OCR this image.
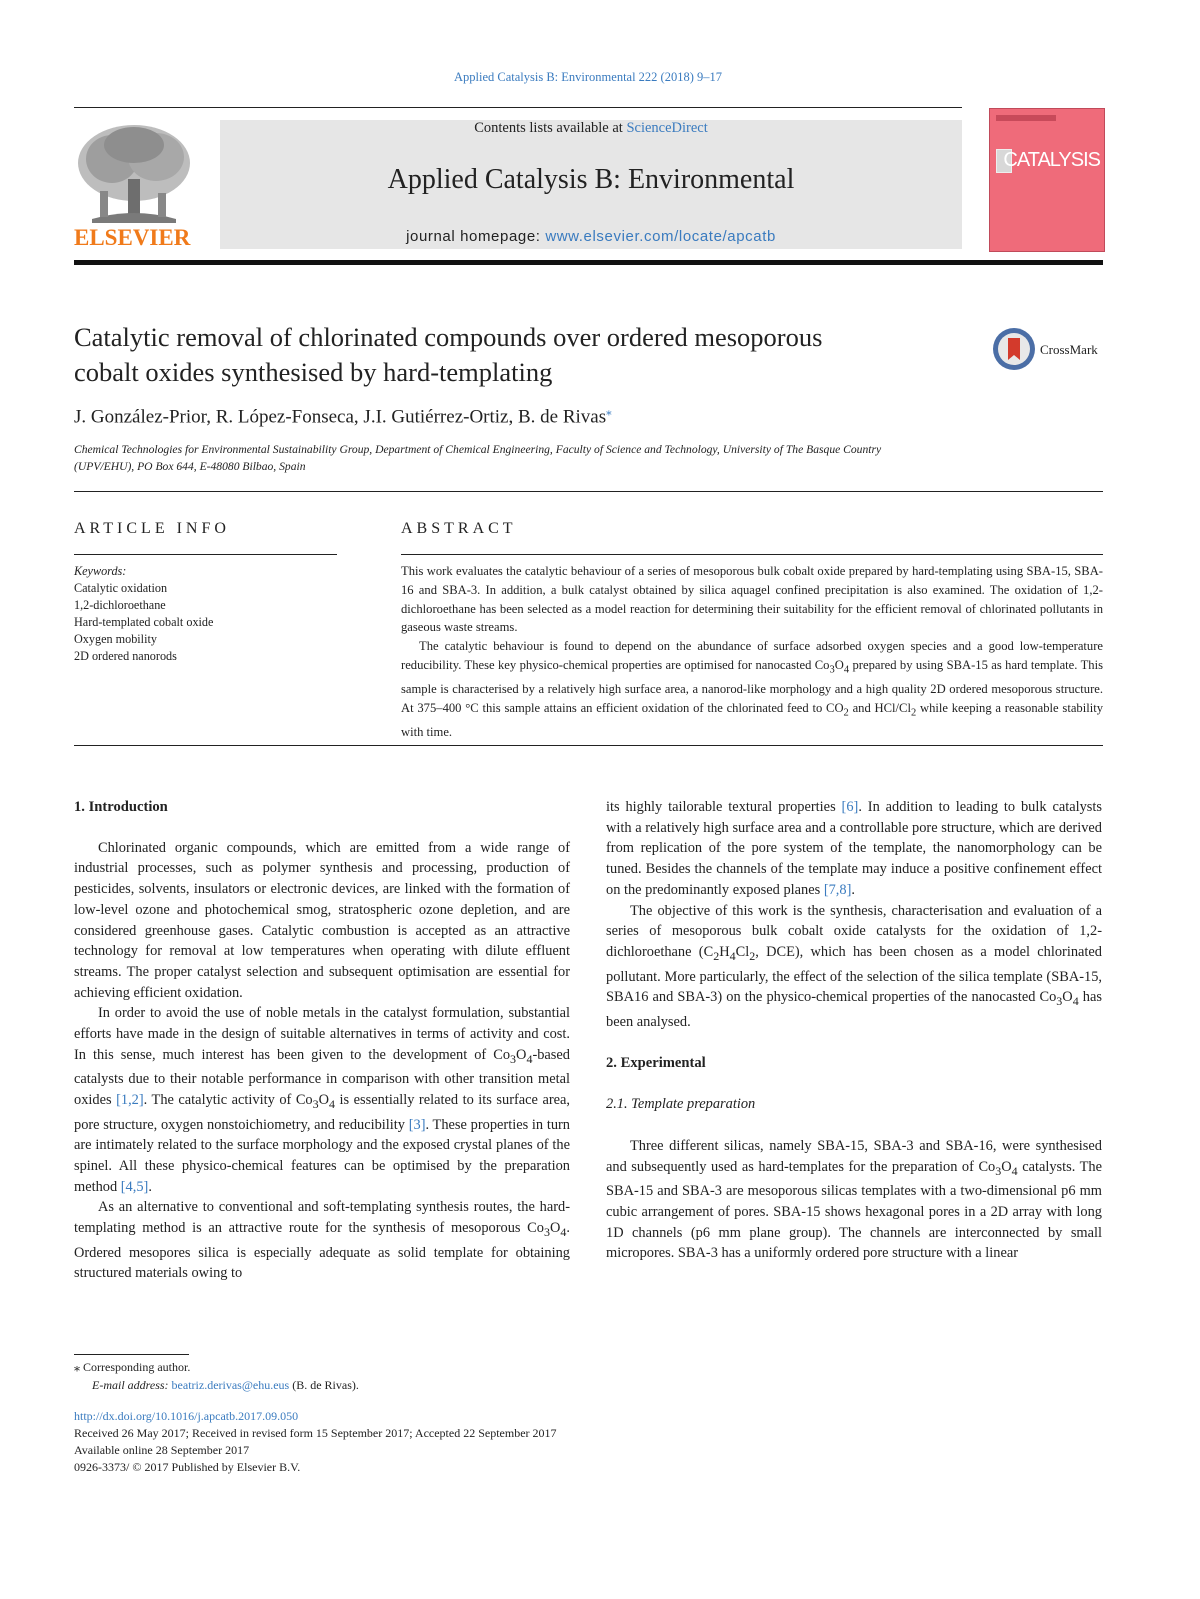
Applied Catalysis B: Environmental 222 (2018) 9–17
ELSEVIER
Contents lists available at ScienceDirect
Applied Catalysis B: Environmental
journal homepage: www.elsevier.com/locate/apcatb
CATALYSIS
Catalytic removal of chlorinated compounds over ordered mesoporous
cobalt oxides synthesised by hard-templating
CrossMark
J. González-Prior, R. López-Fonseca, J.I. Gutiérrez-Ortiz, B. de Rivas⁎
Chemical Technologies for Environmental Sustainability Group, Department of Chemical Engineering, Faculty of Science and Technology, University of The Basque Country
(UPV/EHU), PO Box 644, E-48080 Bilbao, Spain
ARTICLE INFO	ABSTRACT
Keywords:
Catalytic oxidation
1,2-dichloroethane
Hard-templated cobalt oxide
Oxygen mobility
2D ordered nanorods

This work evaluates the catalytic behaviour of a series of mesoporous bulk cobalt oxide prepared by hard-templating using SBA-15, SBA-16 and SBA-3. In addition, a bulk catalyst obtained by silica aquagel confined precipitation is also examined. The oxidation of 1,2-dichloroethane has been selected as a model reaction for determining their suitability for the efficient removal of chlorinated pollutants in gaseous waste streams.

The catalytic behaviour is found to depend on the abundance of surface adsorbed oxygen species and a good low-temperature reducibility. These key physico-chemical properties are optimised for nanocasted $Co_3O_4$ prepared by using SBA-15 as hard template. This sample is characterised by a relatively high surface area, a nanorod-like morphology and a high quality 2D ordered mesoporous structure. At 375–400 °C this sample attains an efficient oxidation of the chlorinated feed to $CO_2$ and HCl/$Cl_2$ while keeping a reasonable stability with time.

1. Introduction

Chlorinated organic compounds, which are emitted from a wide range of industrial processes, such as polymer synthesis and processing, production of pesticides, solvents, insulators or electronic devices, are linked with the formation of low-level ozone and photochemical smog, stratospheric ozone depletion, and are considered greenhouse gases. Catalytic combustion is accepted as an attractive technology for removal at low temperatures when operating with dilute effluent streams. The proper catalyst selection and subsequent optimisation are essential for achieving efficient oxidation.

In order to avoid the use of noble metals in the catalyst formulation, substantial efforts have made in the design of suitable alternatives in terms of activity and cost. In this sense, much interest has been given to the development of $Co_3O_4$-based catalysts due to their notable performance in comparison with other transition metal oxides [1,2]. The catalytic activity of $Co_3O_4$ is essentially related to its surface area, pore structure, oxygen nonstoichiometry, and reducibility [3]. These properties in turn are intimately related to the surface morphology and the exposed crystal planes of the spinel. All these physico-chemical features can be optimised by the preparation method [4,5].

As an alternative to conventional and soft-templating synthesis routes, the hard-templating method is an attractive route for the synthesis of mesoporous $Co_3O_4$. Ordered mesopores silica is especially adequate as solid template for obtaining structured materials owing to

its highly tailorable textural properties [6]. In addition to leading to bulk catalysts with a relatively high surface area and a controllable pore structure, which are derived from replication of the pore system of the template, the nanomorphology can be tuned. Besides the channels of the template may induce a positive confinement effect on the predominantly exposed planes [7,8].

The objective of this work is the synthesis, characterisation and evaluation of a series of mesoporous bulk cobalt oxide catalysts for the oxidation of 1,2-dichloroethane ($C_2H_4Cl_2$, DCE), which has been chosen as a model chlorinated pollutant. More particularly, the effect of the selection of the silica template (SBA-15, SBA16 and SBA-3) on the physico-chemical properties of the nanocasted $Co_3O_4$ has been analysed.

2. Experimental
2.1. Template preparation

Three different silicas, namely SBA-15, SBA-3 and SBA-16, were synthesised and subsequently used as hard-templates for the preparation of $Co_3O_4$ catalysts. The SBA-15 and SBA-3 are mesoporous silicas templates with a two-dimensional p6 mm cubic arrangement of pores. SBA-15 shows hexagonal pores in a 2D array with long 1D channels (p6 mm plane group). The channels are interconnected by small micropores. SBA-3 has a uniformly ordered pore structure with a linear

⁎ Corresponding author.
E-mail address: beatriz.derivas@ehu.eus (B. de Rivas).
http://dx.doi.org/10.1016/j.apcatb.2017.09.050
Received 26 May 2017; Received in revised form 15 September 2017; Accepted 22 September 2017
Available online 28 September 2017
0926-3373/ © 2017 Published by Elsevier B.V.
